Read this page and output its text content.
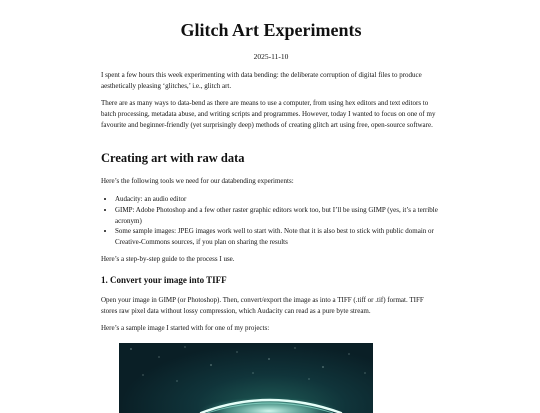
Glitch Art Experiments
2025-11-10

I spent a few hours this week experimenting with data bending: the deliberate corruption of digital files to produce aesthetically pleasing ‘glitches,’ i.e., glitch art.

There are as many ways to data-bend as there are means to use a computer, from using hex editors and text editors to batch processing, metadata abuse, and writing scripts and programmes. However, today I wanted to focus on one of my favourite and beginner-friendly (yet surprisingly deep) methods of creating glitch art using free, open-source software.

Creating art with raw data

Here’s the following tools we need for our databending experiments:

• Audacity: an audio editor
• GIMP: Adobe Photoshop and a few other raster graphic editors work too, but I’ll be using GIMP (yes, it’s a terrible acronym)
• Some sample images: JPEG images work well to start with. Note that it is also best to stick with public domain or Creative-Commons sources, if you plan on sharing the results

Here’s a step-by-step guide to the process I use.

1. Convert your image into TIFF

Open your image in GIMP (or Photoshop). Then, convert/export the image as into a TIFF (.tiff or .tif) format. TIFF stores raw pixel data without lossy compression, which Audacity can read as a pure byte stream.

Here’s a sample image I started with for one of my projects:
